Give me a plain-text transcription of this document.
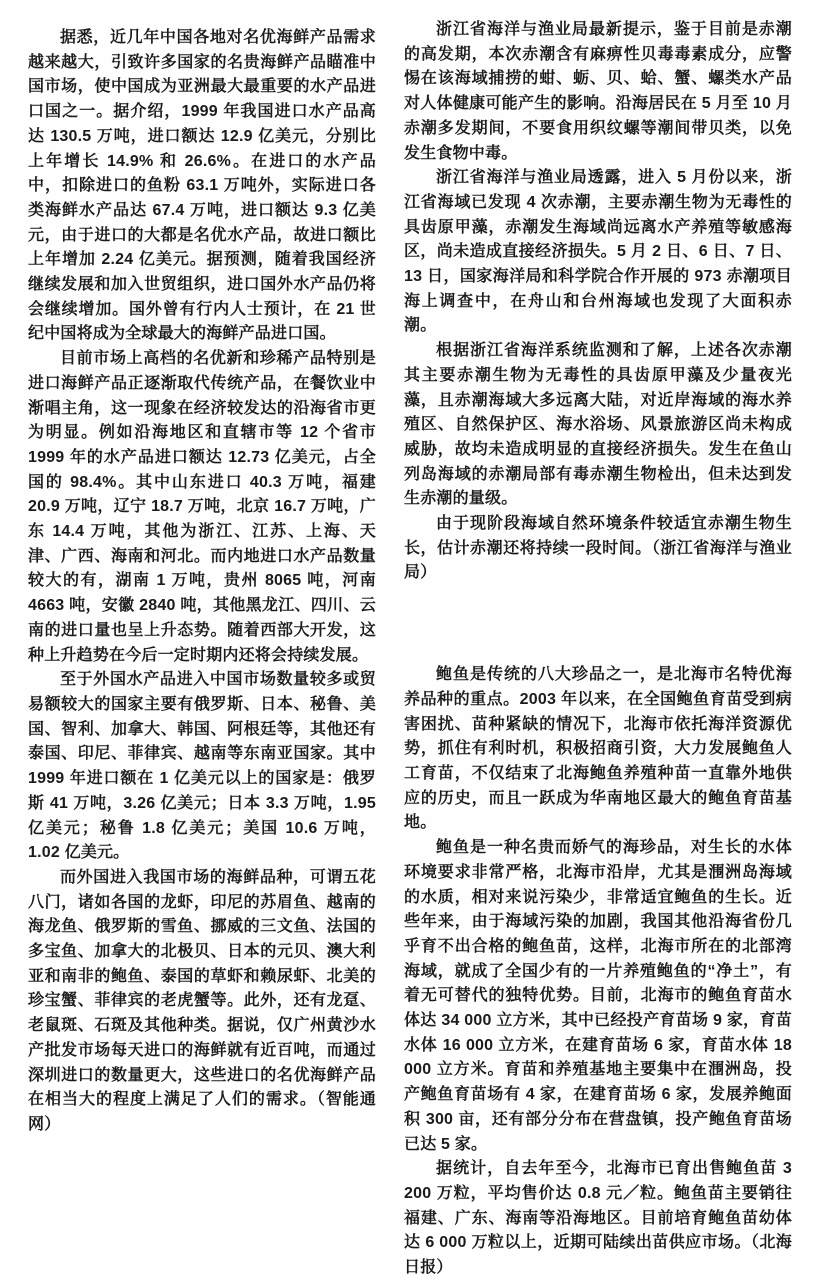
据悉，近几年中国各地对名优海鲜产品需求越来越大，引致许多国家的名贵海鲜产品瞄准中国市场，使中国成为亚洲最大最重要的水产品进口国之一。据介绍，1999 年我国进口水产品高达 130.5 万吨，进口额达 12.9 亿美元，分别比上年增长 14.9% 和 26.6%。在进口的水产品中，扣除进口的鱼粉 63.1 万吨外，实际进口各类海鲜水产品达 67.4 万吨，进口额达 9.3 亿美元，由于进口的大都是名优水产品，故进口额比上年增加 2.24 亿美元。据预测，随着我国经济继续发展和加入世贸组织，进口国外水产品仍将会继续增加。国外曾有行内人士预计，在 21 世纪中国将成为全球最大的海鲜产品进口国。

目前市场上高档的名优新和珍稀产品特别是进口海鲜产品正逐渐取代传统产品，在餐饮业中渐唱主角，这一现象在经济较发达的沿海省市更为明显。例如沿海地区和直辖市等 12 个省市 1999 年的水产品进口额达 12.73 亿美元，占全国的 98.4%。其中山东进口 40.3 万吨，福建 20.9 万吨，辽宁 18.7 万吨，北京 16.7 万吨，广东 14.4 万吨，其他为浙江、江苏、上海、天津、广西、海南和河北。而内地进口水产品数量较大的有，湖南 1 万吨，贵州 8065 吨，河南 4663 吨，安徽 2840 吨，其他黑龙江、四川、云南的进口量也呈上升态势。随着西部大开发，这种上升趋势在今后一定时期内还将会持续发展。

至于外国水产品进入中国市场数量较多或贸易额较大的国家主要有俄罗斯、日本、秘鲁、美国、智利、加拿大、韩国、阿根廷等，其他还有泰国、印尼、菲律宾、越南等东南亚国家。其中 1999 年进口额在 1 亿美元以上的国家是：俄罗斯 41 万吨，3.26 亿美元；日本 3.3 万吨，1.95 亿美元；秘鲁 1.8 亿美元；美国 10.6 万吨，1.02 亿美元。

而外国进入我国市场的海鲜品种，可谓五花八门，诸如各国的龙虾，印尼的苏眉鱼、越南的海龙鱼、俄罗斯的雪鱼、挪威的三文鱼、法国的多宝鱼、加拿大的北极贝、日本的元贝、澳大利亚和南非的鲍鱼、泰国的草虾和赖尿虾、北美的珍宝蟹、菲律宾的老虎蟹等。此外，还有龙趸、老鼠斑、石斑及其他种类。据说，仅广州黄沙水产批发市场每天进口的海鲜就有近百吨，而通过深圳进口的数量更大，这些进口的名优海鲜产品在相当大的程度上满足了人们的需求。（智能通网）

浙江省海洋与渔业局最新提示，鉴于目前是赤潮的高发期，本次赤潮含有麻痹性贝毒毒素成分，应警惕在该海域捕捞的蚶、蛎、贝、蛤、蟹、螺类水产品对人体健康可能产生的影响。沿海居民在 5 月至 10 月赤潮多发期间，不要食用织纹螺等潮间带贝类，以免发生食物中毒。

浙江省海洋与渔业局透露，进入 5 月份以来，浙江省海域已发现 4 次赤潮，主要赤潮生物为无毒性的具齿原甲藻，赤潮发生海域尚远离水产养殖等敏感海区，尚未造成直接经济损失。5 月 2 日、6 日、7 日、13 日，国家海洋局和科学院合作开展的 973 赤潮项目海上调查中，在舟山和台州海域也发现了大面积赤潮。

根据浙江省海洋系统监测和了解，上述各次赤潮其主要赤潮生物为无毒性的具齿原甲藻及少量夜光藻，且赤潮海域大多远离大陆，对近岸海域的海水养殖区、自然保护区、海水浴场、风景旅游区尚未构成威胁，故均未造成明显的直接经济损失。发生在鱼山列岛海域的赤潮局部有毒赤潮生物检出，但未达到发生赤潮的量级。

由于现阶段海域自然环境条件较适宜赤潮生物生长，估计赤潮还将持续一段时间。（浙江省海洋与渔业局）

鲍鱼是传统的八大珍品之一，是北海市名特优海养品种的重点。2003 年以来，在全国鲍鱼育苗受到病害困扰、苗种紧缺的情况下，北海市依托海洋资源优势，抓住有利时机，积极招商引资，大力发展鲍鱼人工育苗，不仅结束了北海鲍鱼养殖种苗一直靠外地供应的历史，而且一跃成为华南地区最大的鲍鱼育苗基地。

鲍鱼是一种名贵而娇气的海珍品，对生长的水体环境要求非常严格，北海市沿岸，尤其是涠洲岛海域的水质，相对来说污染少，非常适宜鲍鱼的生长。近些年来，由于海域污染的加剧，我国其他沿海省份几乎育不出合格的鲍鱼苗，这样，北海市所在的北部湾海域，就成了全国少有的一片养殖鲍鱼的“净土”，有着无可替代的独特优势。目前，北海市的鲍鱼育苗水体达 34 000 立方米，其中已经投产育苗场 9 家，育苗水体 16 000 立方米，在建育苗场 6 家，育苗水体 18 000 立方米。育苗和养殖基地主要集中在涠洲岛，投产鲍鱼育苗场有 4 家，在建育苗场 6 家，发展养鲍面积 300 亩，还有部分分布在营盘镇，投产鲍鱼育苗场已达 5 家。

据统计，自去年至今，北海市已育出售鲍鱼苗 3 200 万粒，平均售价达 0.8 元／粒。鲍鱼苗主要销往福建、广东、海南等沿海地区。目前培育鲍鱼苗幼体达 6 000 万粒以上，近期可陆续出苗供应市场。（北海日报）
